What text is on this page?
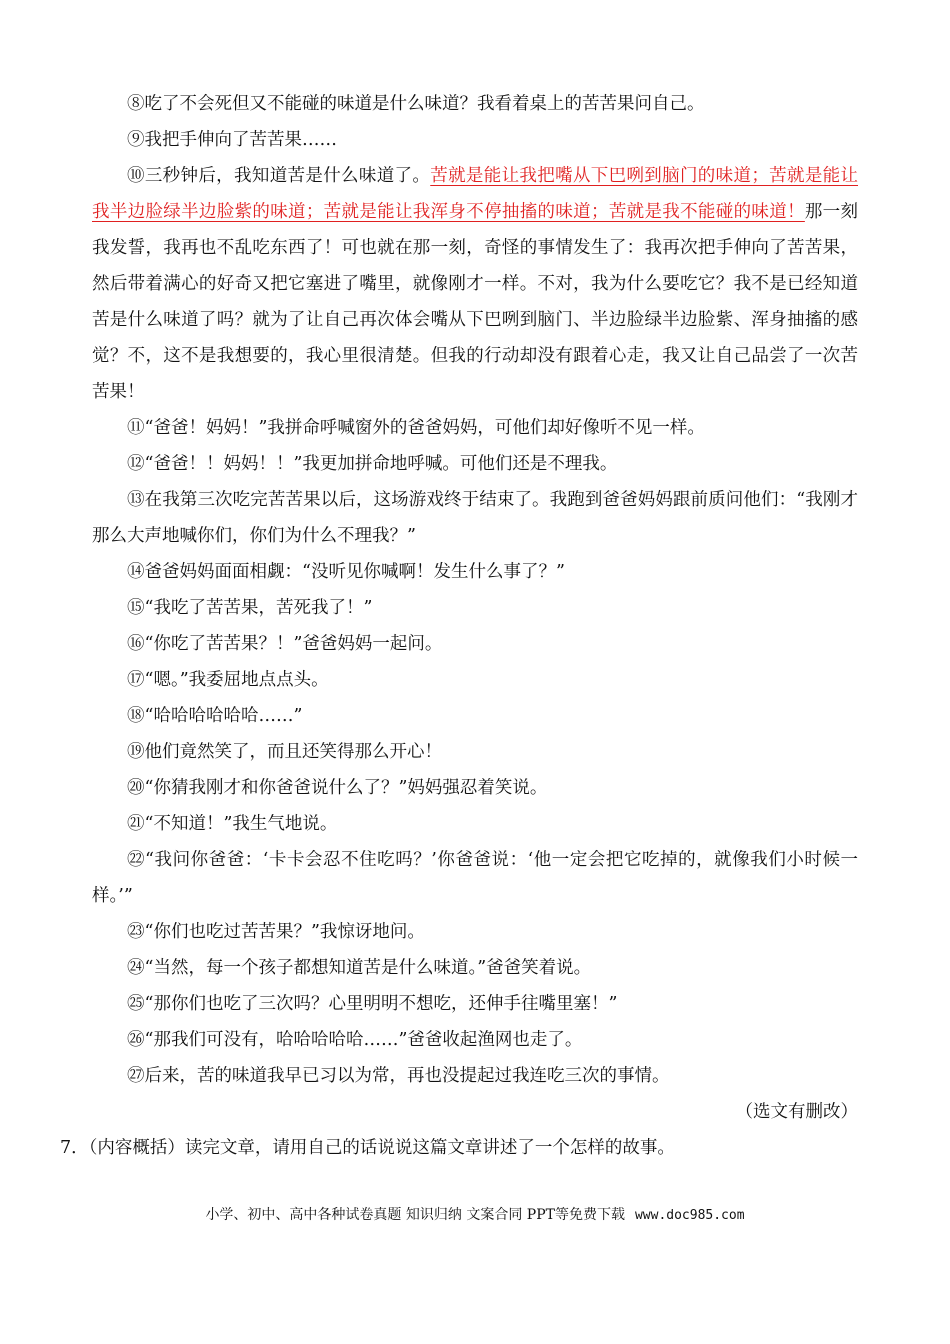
⑧吃了不会死但又不能碰的味道是什么味道？我看着桌上的苦苦果问自己。

⑨我把手伸向了苦苦果……

⑩三秒钟后，我知道苦是什么味道了。苦就是能让我把嘴从下巴咧到脑门的味道；苦就是能让我半边脸绿半边脸紫的味道；苦就是能让我浑身不停抽搐的味道；苦就是我不能碰的味道！那一刻我发誓，我再也不乱吃东西了！可也就在那一刻，奇怪的事情发生了：我再次把手伸向了苦苦果，然后带着满心的好奇又把它塞进了嘴里，就像刚才一样。不对，我为什么要吃它？我不是已经知道苦是什么味道了吗？就为了让自己再次体会嘴从下巴咧到脑门、半边脸绿半边脸紫、浑身抽搐的感觉？不，这不是我想要的，我心里很清楚。但我的行动却没有跟着心走，我又让自己品尝了一次苦苦果！

⑪“爸爸！妈妈！”我拼命呼喊窗外的爸爸妈妈，可他们却好像听不见一样。

⑫“爸爸！！妈妈！！”我更加拼命地呼喊。可他们还是不理我。

⑬在我第三次吃完苦苦果以后，这场游戏终于结束了。我跑到爸爸妈妈跟前质问他们：“我刚才那么大声地喊你们，你们为什么不理我？”

⑭爸爸妈妈面面相觑：“没听见你喊啊！发生什么事了？”

⑮“我吃了苦苦果，苦死我了！”

⑯“你吃了苦苦果？！”爸爸妈妈一起问。

⑰“嗯。”我委屈地点点头。

⑱“哈哈哈哈哈哈……”

⑲他们竟然笑了，而且还笑得那么开心！

⑳“你猜我刚才和你爸爸说什么了？”妈妈强忍着笑说。

㉑“不知道！”我生气地说。

㉒“我问你爸爸：‘卡卡会忍不住吃吗？’你爸爸说：‘他一定会把它吃掉的，就像我们小时候一样。’”

㉓“你们也吃过苦苦果？”我惊讶地问。

㉔“当然，每一个孩子都想知道苦是什么味道。”爸爸笑着说。

㉕“那你们也吃了三次吗？心里明明不想吃，还伸手往嘴里塞！”

㉖“那我们可没有，哈哈哈哈哈……”爸爸收起渔网也走了。

㉗后来，苦的味道我早已习以为常，再也没提起过我连吃三次的事情。

（选文有删改）

7．（内容概括）读完文章，请用自己的话说说这篇文章讲述了一个怎样的故事。

小学、初中、高中各种试卷真题 知识归纳 文案合同 PPT等免费下载 www.doc985.com
